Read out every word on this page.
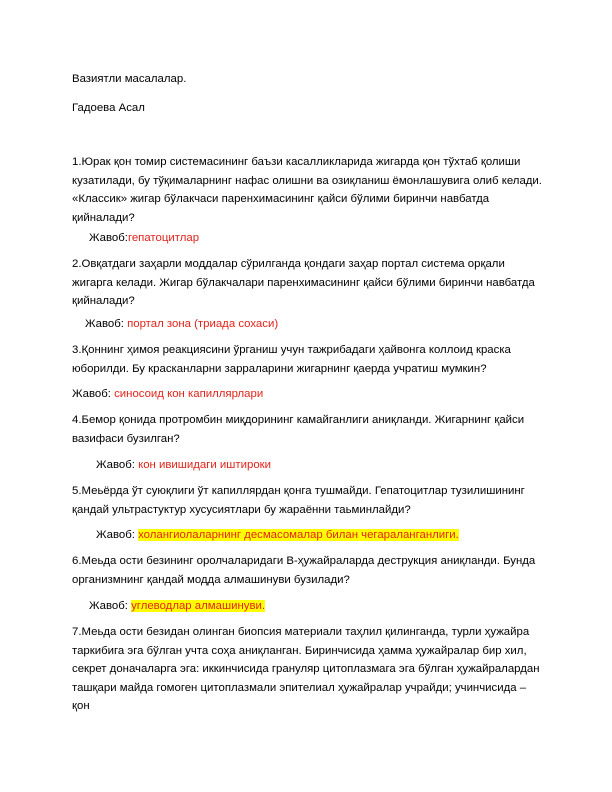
Вазиятли масалалар.
Гадоева Асал
1.Юрак қон томир системасининг баъзи касалликларида жигарда қон тўхтаб қолиши кузатилади, бу тўқималарнинг нафас олишни ва озиқланиш ёмонлашувига олиб келади. «Классик» жигар бўлакчаси паренхимасининг қайси бўлими биринчи навбатда қийналади?
Жавоб:гепатоцитлар
2.Овқатдаги заҳарли моддалар сўрилганда қондаги заҳар портал система орқали жигарга келади. Жигар бўлакчалари паренхимасининг қайси бўлими биринчи навбатда қийналади?
Жавоб: портал зона (триада сохаси)
3.Қоннинг ҳимоя реакциясини ўрганиш учун тажрибадаги ҳайвонга коллоид краска юборилди. Бу красканларни зарраларини жигарнинг қаерда учратиш мумкин?
Жавоб: синосоид кон капиллярлари
4.Бемор қонида протромбин миқдорининг камайганлиги аниқланди. Жигарнинг қайси вазифаси бузилган?
Жавоб: кон ивишидаги иштироки
5.Меьёрда ўт суюқлиги ўт капиллярдан қонга тушмайди. Гепатоцитлар тузилишининг қандай ультрастуктур хусусиятлари бу жараённи таьминлайди?
Жавоб: холангиолаларнинг десмасомалар билан чегараланганлиги.
6.Меьда ости безининг оролчаларидаги В-ҳужайраларда деструкция аниқланди. Бунда организмнинг қандай модда алмашинуви бузилади?
Жавоб: углеводлар алмашинуви.
7.Меьда ости безидан олинган биопсия материали таҳлил қилинганда, турли ҳужайра таркибига эга бўлган учта соҳа аниқланган. Биринчисида ҳамма ҳужайралар бир хил, секрет доначаларга эга: иккинчисида грануляр цитоплазмага эга бўлган ҳужайралардан ташқари майда гомоген цитоплазмали эпителиал ҳужайралар учрайди; учинчисида – қон
